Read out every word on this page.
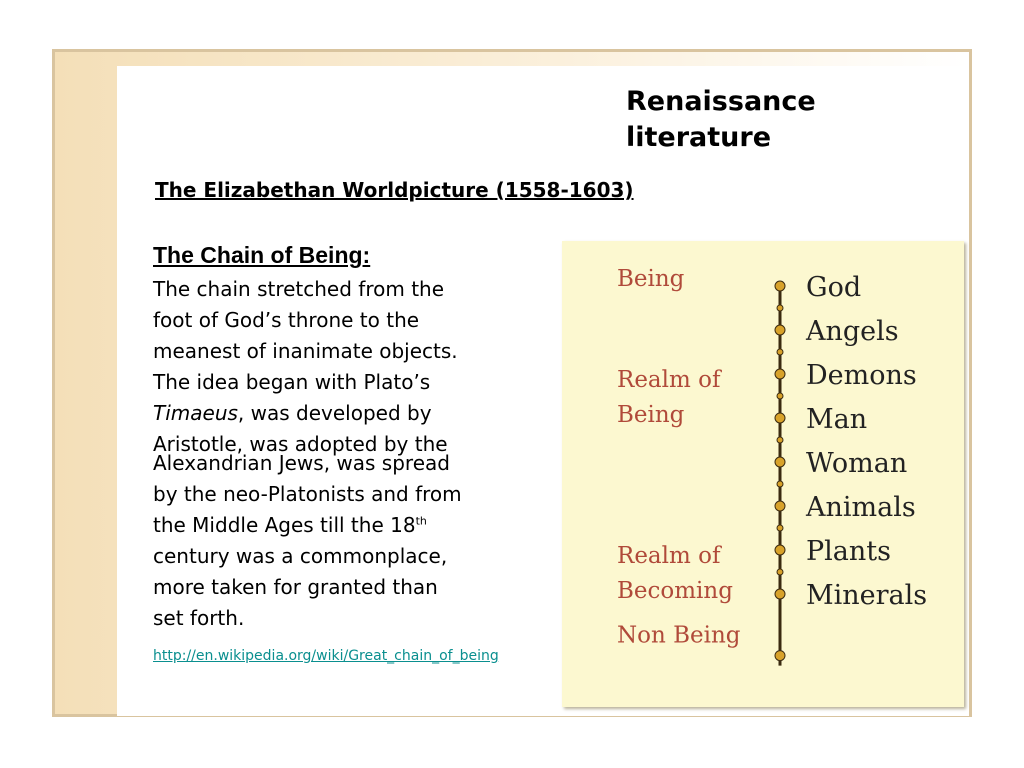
Renaissance
literature
The Elizabethan Worldpicture (1558-1603)
The Chain of Being:
The chain stretched from the
foot of God’s throne to the
meanest of inanimate objects.
The idea began with Plato’s
Timaeus, was developed by
Aristotle, was adopted by the
Alexandrian Jews, was spread
by the neo-Platonists and from
the Middle Ages till the 18th
century was a commonplace,
more taken for granted than
set forth.
http://en.wikipedia.org/wiki/Great_chain_of_being
God
Angels
Demons
Man
Woman
Animals
Plants
Minerals
Being
Realm of
Being
Realm of
Becoming
Non Being
